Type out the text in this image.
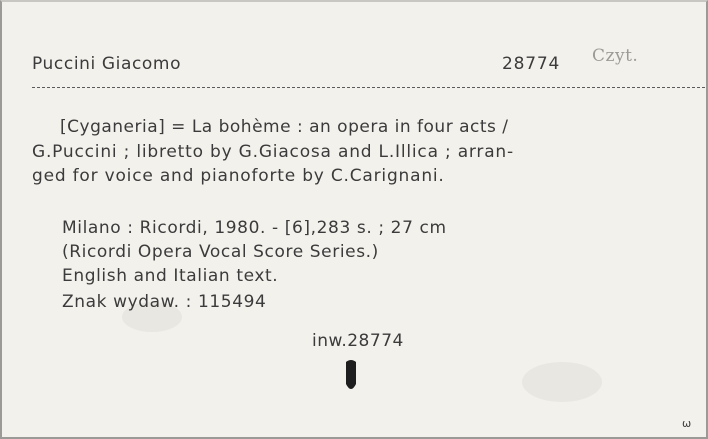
Puccini Giacomo	28774 Czyt.
[Cyganeria] = La bohème : an opera in four acts /
G.Puccini ; libretto by G.Giacosa and L.Illica ; arran-
ged for voice and pianoforte by C.Carignani.
Milano : Ricordi, 1980. - [6],283 s. ; 27 cm
(Ricordi Opera Vocal Score Series.)
English and Italian text.
Znak wydaw. : 115494
inw.28774
ω
